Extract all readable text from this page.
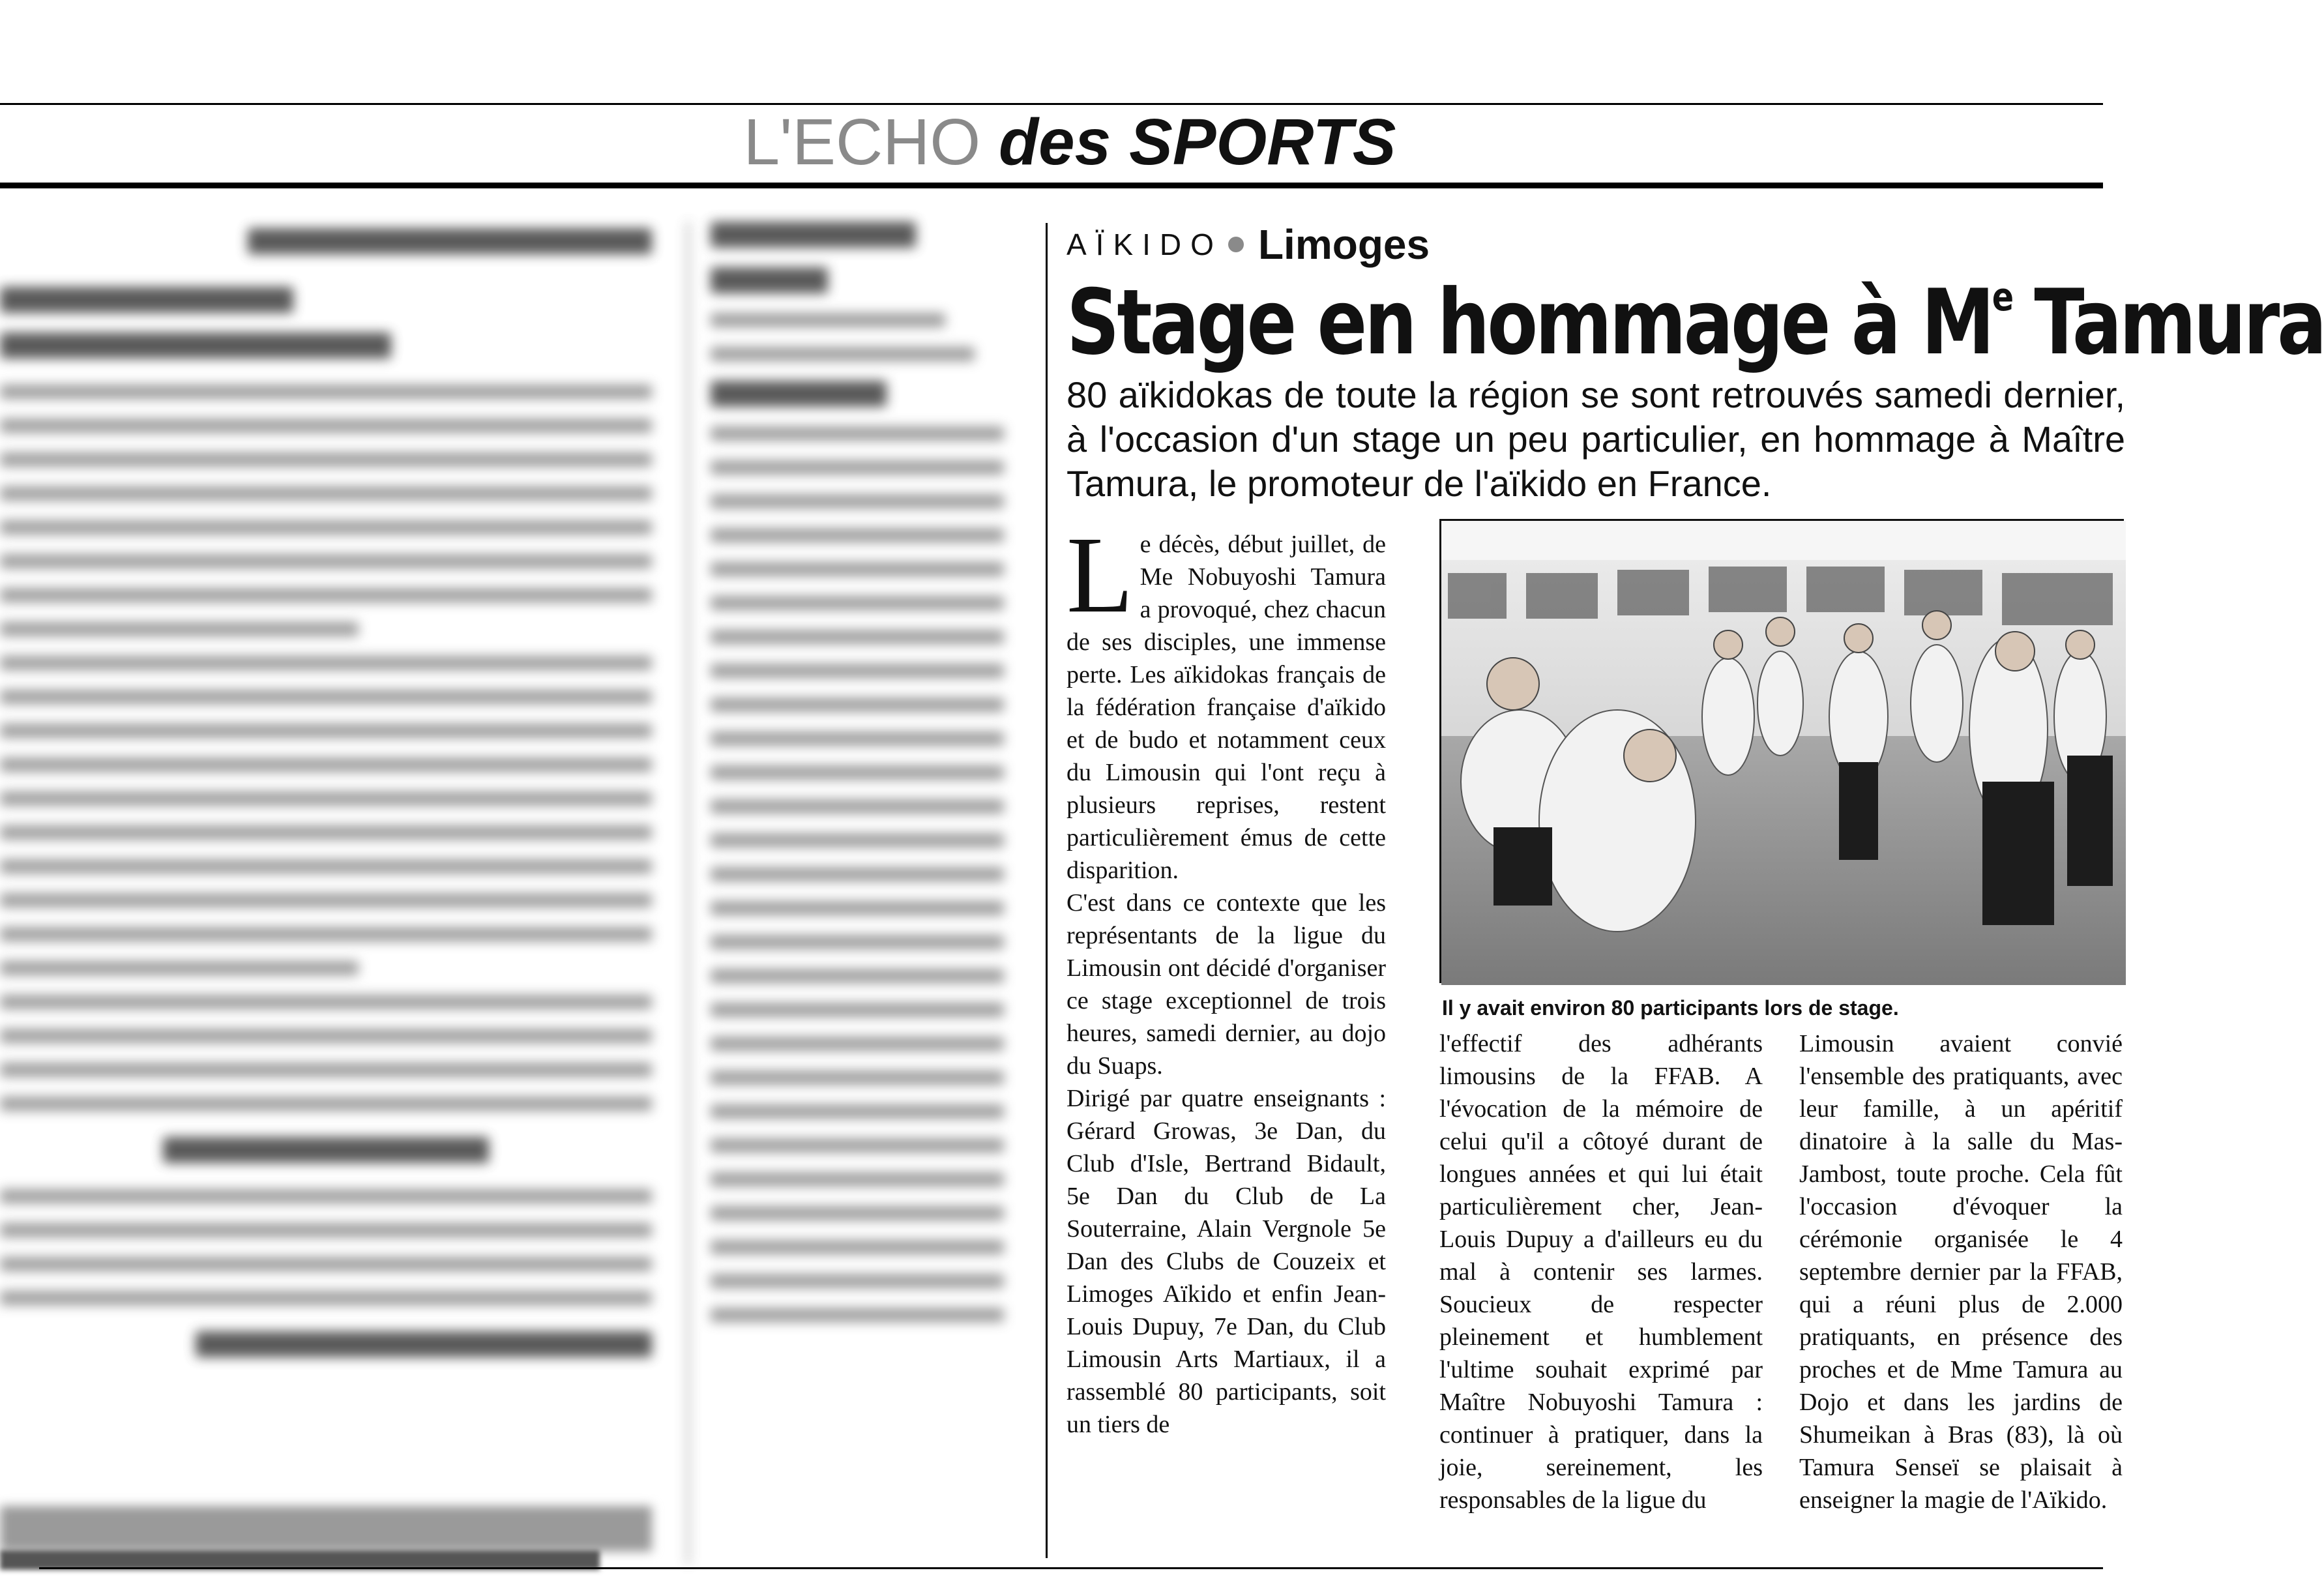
L'ECHO des SPORTS
AÏKIDO Limoges
Stage en hommage à Me Tamura

80 aïkidokas de toute la région se sont retrouvés samedi dernier, à l'occasion d'un stage un peu particulier, en hommage à Maître Tamura, le promoteur de l'aïkido en France.

Le décès, début juillet, de Me Nobuyoshi Tamura a provoqué, chez chacun de ses disciples, une immense perte. Les aïkidokas français de la fédération française d'aïkido et de budo et notamment ceux du Limousin qui l'ont reçu à plusieurs reprises, restent particulièrement émus de cette disparition.

C'est dans ce contexte que les représentants de la ligue du Limousin ont décidé d'organiser ce stage exceptionnel de trois heures, samedi dernier, au dojo du Suaps.

Dirigé par quatre enseignants : Gérard Growas, 3e Dan, du Club d'Isle, Bertrand Bidault, 5e Dan du Club de La Souterraine, Alain Vergnole 5e Dan des Clubs de Couzeix et Limoges Aïkido et enfin Jean-Louis Dupuy, 7e Dan, du Club Limousin Arts Martiaux, il a rassemblé 80 participants, soit un tiers de

Il y avait environ 80 participants lors de stage.

l'effectif des adhérants limousins de la FFAB. A l'évocation de la mémoire de celui qu'il a côtoyé durant de longues années et qui lui était particulièrement cher, Jean-Louis Dupuy a d'ailleurs eu du mal à contenir ses larmes. Soucieux de respecter pleinement et humblement l'ultime souhait exprimé par Maître Nobuyoshi Tamura : continuer à pratiquer, dans la joie, sereinement, les responsables de la ligue du

Limousin avaient convié l'ensemble des pratiquants, avec leur famille, à un apéritif dinatoire à la salle du Mas-Jambost, toute proche. Cela fût l'occasion d'évoquer la cérémonie organisée le 4 septembre dernier par la FFAB, qui a réuni plus de 2.000 pratiquants, en présence des proches et de Mme Tamura au Dojo et dans les jardins de Shumeikan à Bras (83), là où Tamura Senseï se plaisait à enseigner la magie de l'Aïkido.
